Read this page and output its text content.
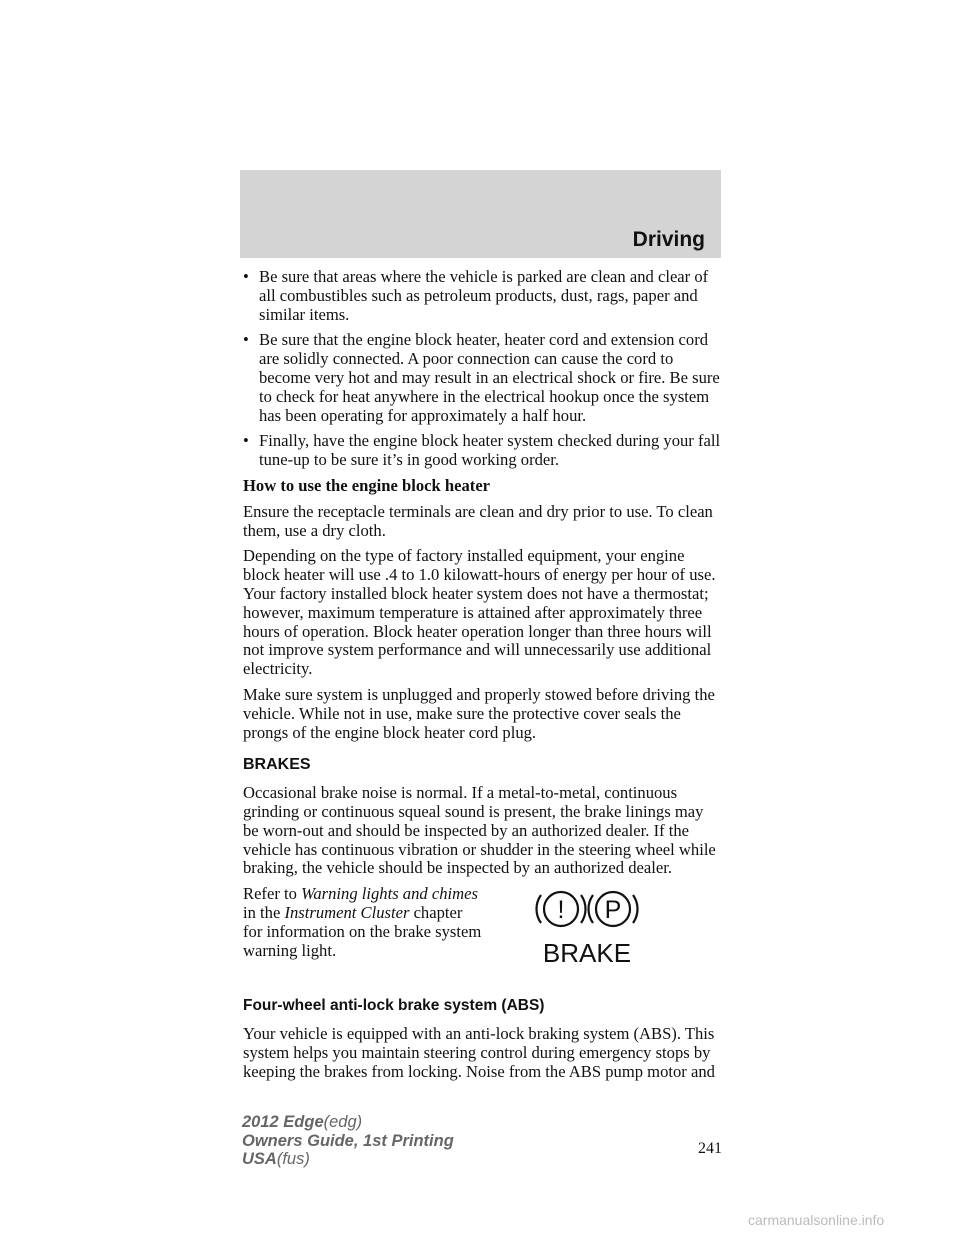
Driving
• Be sure that areas where the vehicle is parked are clean and clear of all combustibles such as petroleum products, dust, rags, paper and similar items.
• Be sure that the engine block heater, heater cord and extension cord are solidly connected. A poor connection can cause the cord to become very hot and may result in an electrical shock or fire. Be sure to check for heat anywhere in the electrical hookup once the system has been operating for approximately a half hour.
• Finally, have the engine block heater system checked during your fall tune-up to be sure it’s in good working order.
How to use the engine block heater
Ensure the receptacle terminals are clean and dry prior to use. To clean them, use a dry cloth.
Depending on the type of factory installed equipment, your engine block heater will use .4 to 1.0 kilowatt-hours of energy per hour of use. Your factory installed block heater system does not have a thermostat; however, maximum temperature is attained after approximately three hours of operation. Block heater operation longer than three hours will not improve system performance and will unnecessarily use additional electricity.
Make sure system is unplugged and properly stowed before driving the vehicle. While not in use, make sure the protective cover seals the prongs of the engine block heater cord plug.
BRAKES
Occasional brake noise is normal. If a metal-to-metal, continuous grinding or continuous squeal sound is present, the brake linings may be worn-out and should be inspected by an authorized dealer. If the vehicle has continuous vibration or shudder in the steering wheel while braking, the vehicle should be inspected by an authorized dealer.
Refer to Warning lights and chimes in the Instrument Cluster chapter for information on the brake system warning light.
! P
BRAKE
Four-wheel anti-lock brake system (ABS)
Your vehicle is equipped with an anti-lock braking system (ABS). This system helps you maintain steering control during emergency stops by keeping the brakes from locking. Noise from the ABS pump motor and
241
2012 Edge(edg)
Owners Guide, 1st Printing
USA(fus)
carmanualsonline.info
